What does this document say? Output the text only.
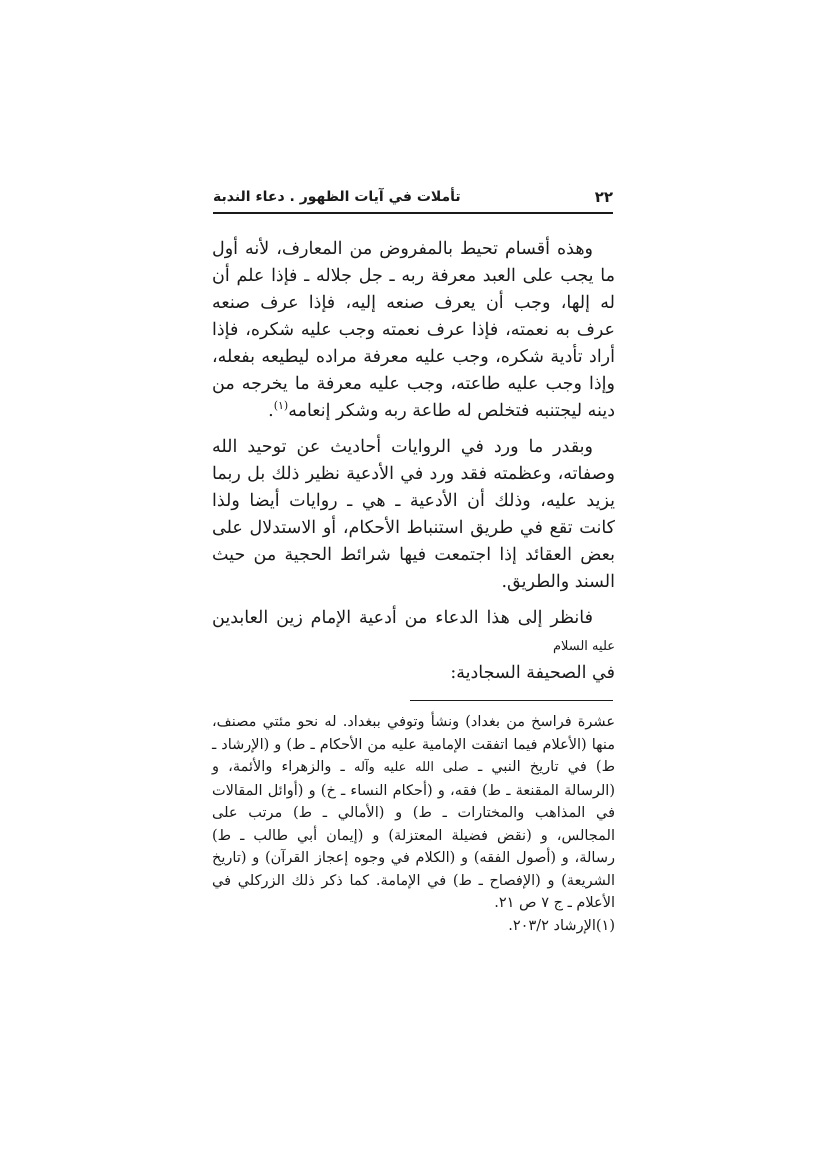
٢٢
تأملات في آيات الظهور . دعاء الندبة

وهذه أقسام تحيط بالمفروض من المعارف، لأنه أول ما يجب على العبد معرفة ربه ـ جل جلاله ـ فإذا علم أن له إلها، وجب أن يعرف صنعه إليه، فإذا عرف صنعه عرف به نعمته، فإذا عرف نعمته وجب عليه شكره، فإذا أراد تأدية شكره، وجب عليه معرفة مراده ليطيعه بفعله، وإذا وجب عليه طاعته، وجب عليه معرفة ما يخرجه من دينه ليجتنبه فتخلص له طاعة ربه وشكر إنعامه$^{(١)}$.

وبقدر ما ورد في الروايات أحاديث عن توحيد الله وصفاته، وعظمته فقد ورد في الأدعية نظير ذلك بل ربما يزيد عليه، وذلك أن الأدعية ـ هي ـ روايات أيضا ولذا كانت تقع في طريق استنباط الأحكام، أو الاستدلال على بعض العقائد إذا اجتمعت فيها شرائط الحجية من حيث السند والطريق.

فانظر إلى هذا الدعاء من أدعية الإمام زين العابدين عليه السلام

في الصحيفة السجادية:

عشرة فراسخ من بغداد) ونشأ وتوفي ببغداد. له نحو مئتي مصنف، منها (الأعلام فيما اتفقت الإمامية عليه من الأحكام ـ ط) و (الإرشاد ـ ط) في تاريخ النبي ـ صلى الله عليه وآله ـ والزهراء والأئمة، و (الرسالة المقنعة ـ ط) فقه، و (أحكام النساء ـ خ) و (أوائل المقالات في المذاهب والمختارات ـ ط) و (الأمالي ـ ط) مرتب على المجالس، و (نقض فضيلة المعتزلة) و (إيمان أبي طالب ـ ط) رسالة، و (أصول الفقه) و (الكلام في وجوه إعجاز القرآن) و (تاريخ الشريعة) و (الإفصاح ـ ط) في الإمامة. كما ذكر ذلك الزركلي في الأعلام ـ ج ٧ ص ٢١.

(١)الإرشاد ٢٠٣/٢.
